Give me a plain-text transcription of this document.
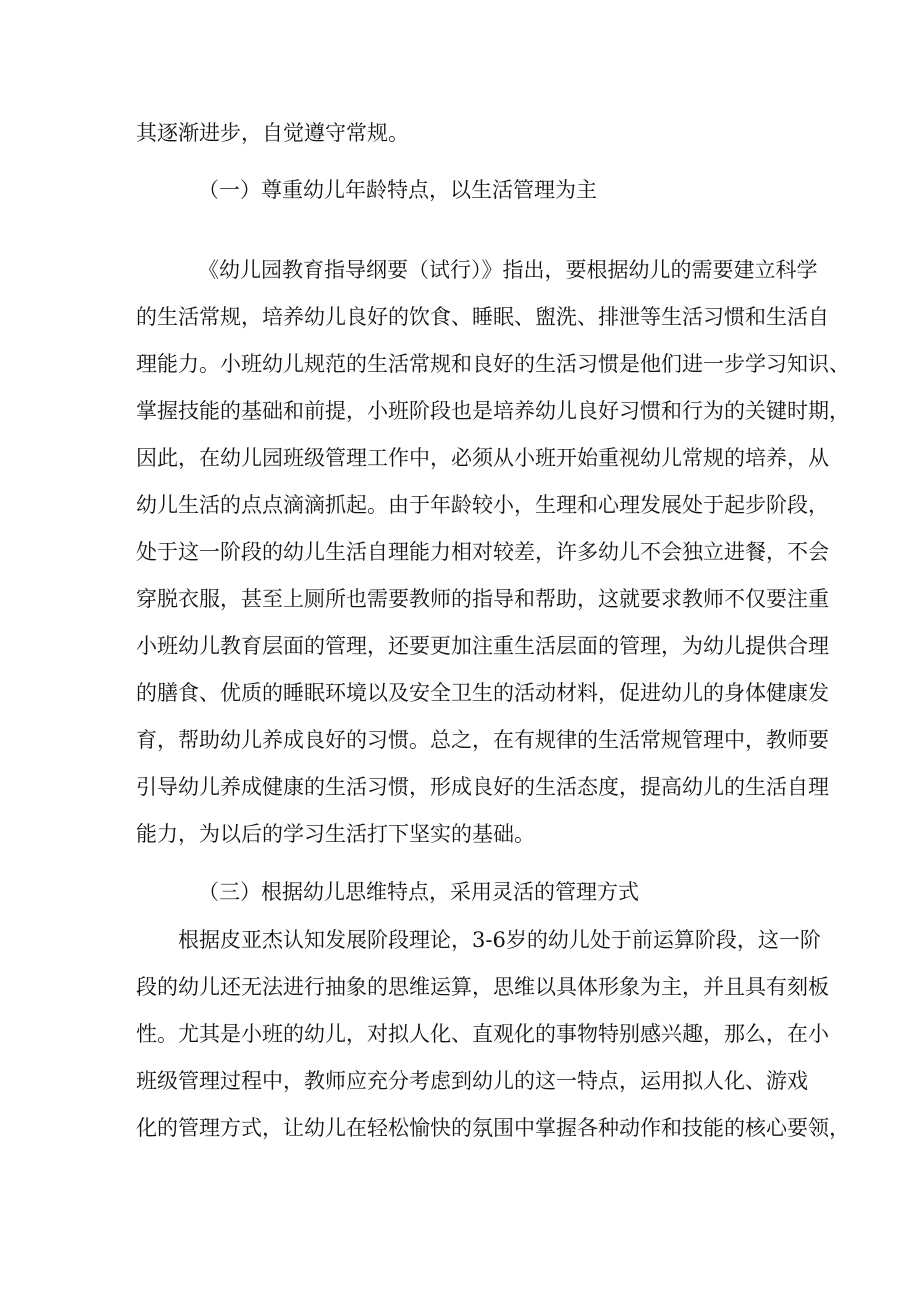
其逐渐进步，自觉遵守常规。
（一）尊重幼儿年龄特点，以生活管理为主
《幼儿园教育指导纲要（试行）》指出，要根据幼儿的需要建立科学
的生活常规，培养幼儿良好的饮食、睡眠、盥洗、排泄等生活习惯和生活自
理能力。小班幼儿规范的生活常规和良好的生活习惯是他们进一步学习知识、
掌握技能的基础和前提，小班阶段也是培养幼儿良好习惯和行为的关键时期，
因此，在幼儿园班级管理工作中，必须从小班开始重视幼儿常规的培养，从
幼儿生活的点点滴滴抓起。由于年龄较小，生理和心理发展处于起步阶段，
处于这一阶段的幼儿生活自理能力相对较差，许多幼儿不会独立进餐，不会
穿脱衣服，甚至上厕所也需要教师的指导和帮助，这就要求教师不仅要注重
小班幼儿教育层面的管理，还要更加注重生活层面的管理，为幼儿提供合理
的膳食、优质的睡眠环境以及安全卫生的活动材料，促进幼儿的身体健康发
育，帮助幼儿养成良好的习惯。总之，在有规律的生活常规管理中，教师要
引导幼儿养成健康的生活习惯，形成良好的生活态度，提高幼儿的生活自理
能力，为以后的学习生活打下坚实的基础。
（三）根据幼儿思维特点，采用灵活的管理方式
根据皮亚杰认知发展阶段理论，3-6岁的幼儿处于前运算阶段，这一阶
段的幼儿还无法进行抽象的思维运算，思维以具体形象为主，并且具有刻板
性。尤其是小班的幼儿，对拟人化、直观化的事物特别感兴趣，那么，在小
班级管理过程中，教师应充分考虑到幼儿的这一特点，运用拟人化、游戏
化的管理方式，让幼儿在轻松愉快的氛围中掌握各种动作和技能的核心要领，
